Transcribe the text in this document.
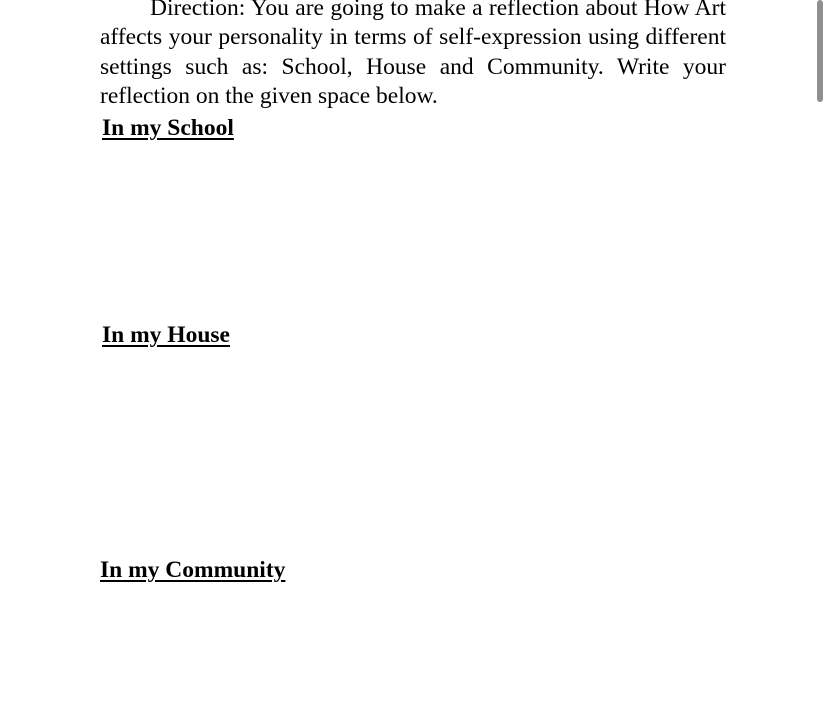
Direction: You are going to make a reflection about How Art affects your personality in terms of self-expression using different settings such as: School, House and Community. Write your reflection on the given space below.

In my School
In my House
In my Community
